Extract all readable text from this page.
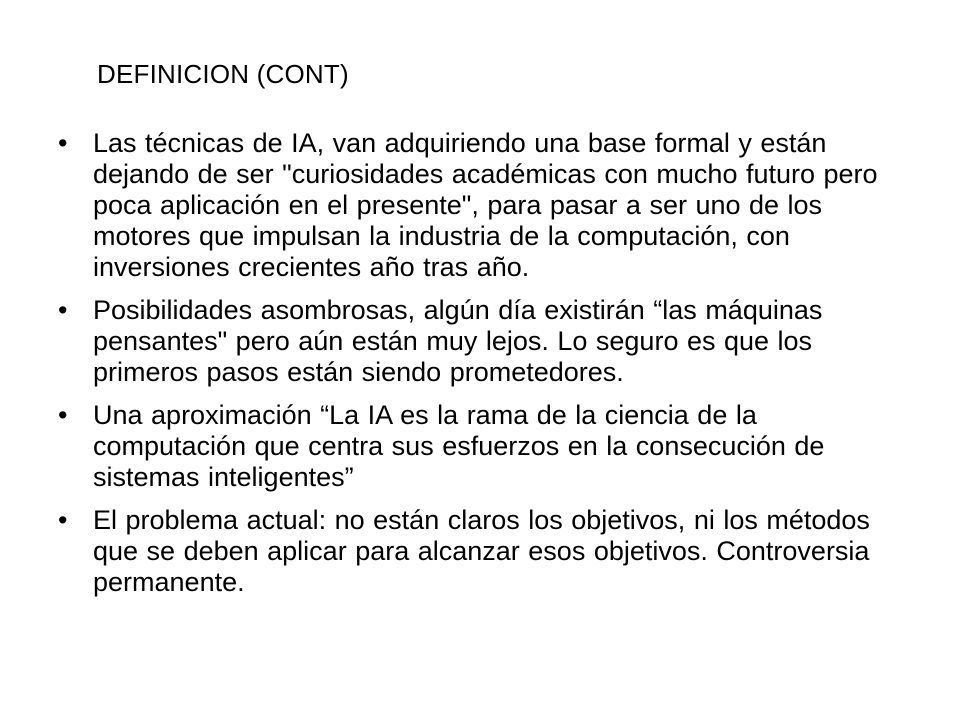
DEFINICION (CONT)
• Las técnicas de IA, van adquiriendo una base formal y están dejando de ser "curiosidades académicas con mucho futuro pero poca aplicación en el presente", para pasar a ser uno de los motores que impulsan la industria de la computación, con inversiones crecientes año tras año.
• Posibilidades asombrosas, algún día existirán “las máquinas pensantes" pero aún están muy lejos. Lo seguro es que los primeros pasos están siendo prometedores.
• Una aproximación “La IA es la rama de la ciencia de la computación que centra sus esfuerzos en la consecución de sistemas inteligentes”
• El problema actual: no están claros los objetivos, ni los métodos que se deben aplicar para alcanzar esos objetivos. Controversia permanente.
